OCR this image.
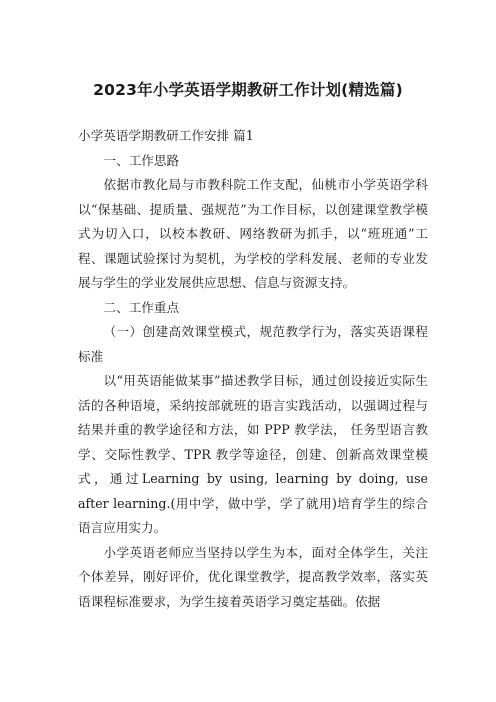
2023年小学英语学期教研工作计划(精选篇)

小学英语学期教研工作安排 篇1

一、工作思路

依据市教化局与市教科院工作支配，仙桃市小学英语学科以“保基础、提质量、强规范”为工作目标，以创建课堂教学模式为切入口，以校本教研、网络教研为抓手，以“班班通”工程、课题试验探讨为契机，为学校的学科发展、老师的专业发展与学生的学业发展供应思想、信息与资源支持。

二、工作重点

（一）创建高效课堂模式，规范教学行为，落实英语课程标准

以“用英语能做某事”描述教学目标，通过创设接近实际生活的各种语境，采纳按部就班的语言实践活动，以强调过程与结果并重的教学途径和方法，如 PPP 教学法， 任务型语言教学、交际性教学、TPR 教学等途径，创建、创新高效课堂模式，通过Learning by using, learning by doing, use after learning.(用中学，做中学，学了就用)培育学生的综合语言应用实力。

小学英语老师应当坚持以学生为本，面对全体学生，关注个体差异，刚好评价，优化课堂教学，提高教学效率，落实英语课程标准要求，为学生接着英语学习奠定基础。依据
